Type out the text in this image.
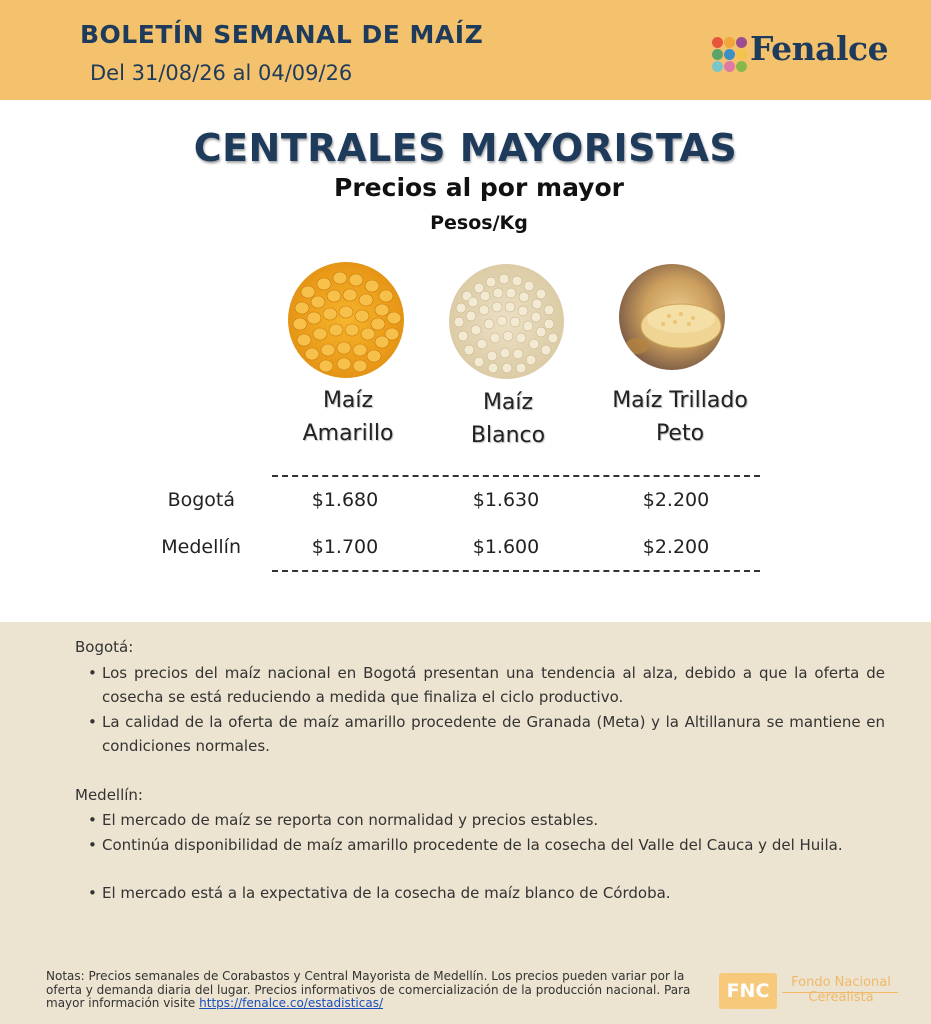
BOLETÍN SEMANAL DE MAÍZ
Del 31/08/26 al 04/09/26
Fenalce
CENTRALES MAYORISTAS
Precios al por mayor
Pesos/Kg
Maíz
Amarillo
Maíz
Blanco
Maíz Trillado
Peto
Bogotá	$1.680	$1.630	$2.200
Medellín	$1.700	$1.600	$2.200
Bogotá:
• Los precios del maíz nacional en Bogotá presentan una tendencia al alza, debido a que la oferta de cosecha se está reduciendo a medida que finaliza el ciclo productivo.
• La calidad de la oferta de maíz amarillo procedente de Granada (Meta) y la Altillanura se mantiene en condiciones normales.
Medellín:
• El mercado de maíz se reporta con normalidad y precios estables.
• Continúa disponibilidad de maíz amarillo procedente de la cosecha del Valle del Cauca y del Huila.
• El mercado está a la expectativa de la cosecha de maíz blanco de Córdoba.
Notas: Precios semanales de Corabastos y Central Mayorista de Medellín. Los precios pueden variar por la oferta y demanda diaria del lugar. Precios informativos de comercialización de la producción nacional. Para mayor información visite https://fenalce.co/estadisticas/
FNC	Fondo Nacional
Cerealista
